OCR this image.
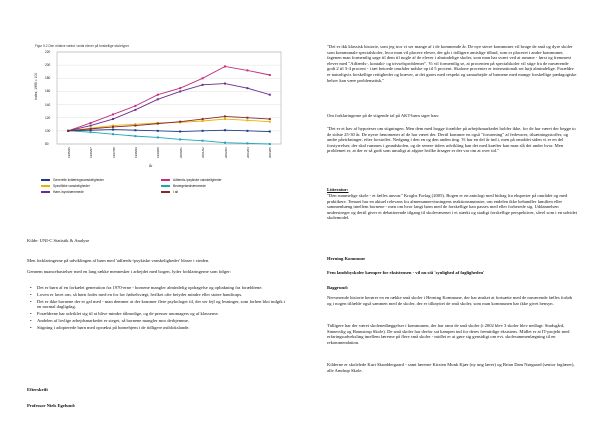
Figur 5.2 Den relative vækst i antal elever på forskellige skoletyper
Index, 1995 = 100
220
200
180
160
140
120
100
80
1995/96	1996/97	1997/98	1998/99	1999/00	2000/01	2001/02	2002/03	2003/04	2004/05
År
Generelle indlæringsvanskeligheder	Adfærds-/psykiske vanskeligheder
Specifikke vanskeligheder	Bevægelseshæmmede
Høre-/synshæmmede	I alt
Kilde: UNI-C Statistik & Analyse

Men forklaringerne på udviklingen af børn med 'adfærds-/psykiske vanskeligheder' blaser i vinden.

Gennem nuancebastelser med en lang række mennesker i arbejdet med bogen, lyder forklaringerne som følger:

• Det er børn af en forkælet generation fra 1970-erne - bornene mangler almindelig opdragelse og opbakning fra forældrene.
• Loven er lavet om, så børn fodes med en for lav fødselsvægt, hvilket ofte betyder mindre eller større handicaps.
• Det er ikke bornene der er gal med - man demmer at der kommer flere psykologer til, der ser fejl og lesninger, som forhen blot indgik i en normal dagligdag.
• Forældrene har udviklet sig til at blive mindre tålmodige, og de presser unomagers og af klasserne.
• Andelen af lovlige arbejdsmarkedet er steget, så bornene mangler mor derhjemme.
• Stigning i adopterede børn med opvækst på børnehjem i de tidligere østblokslande.
Efterskrift
Professor Niels Egelund:

"Det er ikk klassisk historie, som jeg tror vi ser mange af i de kommende år. De nye sterre kommuner vil bruge de små og dyre skoler som kommunale specialskoler, hvor man vil placere elever, der går i tidligere amtslige tilbud, som er placeret i andre kommuner, fagenen man formentlig søge til dem til nogle af de elever i almindelige skoler, som man har svært ved at rumme - først og fremmest elever med "Adfærds-, kontakt- og trivselsproblemer". Vi vil formentlig se, at procenten på specialskoler vil stige fra de nuværende godt 2 til 3-4 procent - i tæt betoede områder måske op til 5 procent. Skalone procenter er internationalt set højt almindelige. Forældre er naturligvis forskellige rettigheder og kræver, at det gøres med respekt og samarbejde af børnene med mange forskellige pædagogiske behov kan være problematisk."

Om forklaringerne på de stigende tal på AKT-børn siger han:

"Det er et hav af hypoteser om stigningen. Men dem med bogge forældre på arbejdsmarkedet holder ikke, for de har været der begge to de sidste 25-30 år. De nyere fænomener af de har været der. Dertil kommer en også "forurening" af fedevarer, tilsætningsstoffer, og andre påvirkninger, efter forstoffet. Nedgang i den en og den anden ting. Vi har en del år ind i, men på området siden vi er en del forstyrrelser, der skal rummes i grundskolen, og de senere tiders udvikling kan det med kræfter kan man slå det under hvor. Men problemet er, at der er så godt som umuligt at afgøre hvilke årsager er der var om at over tid."

Litteratur:

"Den rummelige skole - et fælles ansvar" Kroghs Forlag (2005). Bogen er en antologi med bidrag fra eksperter på området og med praktikere. Temaet har en aktuel relevans for almenunnervisningens reaktionsmønstre, om endelen ikke behandler familien eller sammenhæng imellem bornene - men om hvor langt børn med de forskellige kan passes med eller forberede sig. Uddannelsen understreger og dertil giver et debatterende tilgang til skolevæsenet i et stærkt og stadigt forskellige perspektiver, såvel som i en udvidet skolemodel.

Herning Kommune
Fem landsbyskoler kæmper for eksistensen - vil nu stå 'synlighed af fagligheden'
Baggrund:

Nervøsende historie berører en en række små skoler i Herning Kommune, der har ønsket at fortsætte med de nuværende fælles forløb og i nogen tilfælde også sammen med de skoler, der er tilknyttet de små skoler, som man kommunen har ikke givet hensyn.

Tidligere har der været skolenedlæggelser i kommunen, der har ramt de små skoler (i 2002 blev 3 skoler blev nedlagt: Studsgård, Sinnerslig og Haunstrup Skole). De små skoler har derfor sat kampen ind for deres fremtidige eksistens. Midlet er at IT-projekt med erfaringsudveksling imellem lærerne på flere små skoler - midlet er at gøre sig gensidigt om evt. skolesammenlægning til en rekommendation.

Kilderne er skolelede Kurt Skrøddergaard - samt lærerne Kirsten Munk Kjær (ny ung lærer) og Brian Dam Nørgaard (senior faglærer), alle Amdrup Skole.
